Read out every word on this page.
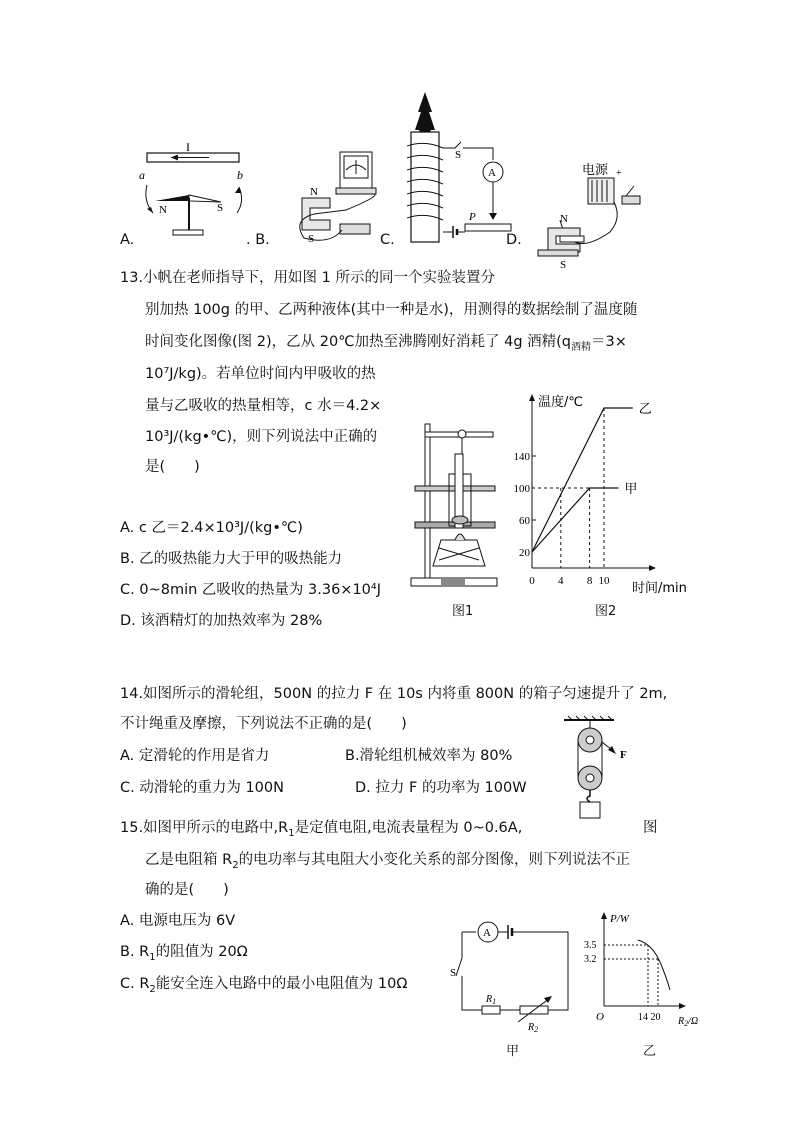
A.
I
a	b
N	S
. B.
N
S	C.
S
A
P
D.
电源 +
N
S
13.小帆在老师指导下，用如图 1 所示的同一个实验装置分
别加热 100g 的甲、乙两种液体(其中一种是水)，用测得的数据绘制了温度随
时间变化图像(图 2)，乙从 20℃加热至沸腾刚好消耗了 4g 酒精($q_{酒精}=3\times$
10⁷J/kg)。若单位时间内甲吸收的热
量与乙吸收的热量相等，c 水＝4.2×
10³J/(kg•℃)，则下列说法中正确的
是(　　)
A. c 乙＝2.4×10³J/(kg•℃)
B. 乙的吸热能力大于甲的吸热能力
C. 0~8min 乙吸收的热量为 3.36×10⁴J
D. 该酒精灯的加热效率为 28%
图1
温度/℃
时间/min
20
60
100
140
0 4 8 10
乙
甲
图2
14.如图所示的滑轮组，500N 的拉力 F 在 10s 内将重 800N 的箱子匀速提升了 2m,
不计绳重及摩擦，下列说法不正确的是(　　)
A. 定滑轮的作用是省力	B.滑轮组机械效率为 80%
C. 动滑轮的重力为 100N	D. 拉力 F 的功率为 100W
F
15.如图甲所示的电路中$,R_1$是定值电阻,电流表量程为 0~0.6A,	图
乙是电阻箱 $R_2$的电功率与其电阻大小变化关系的部分图像，则下列说法不正
确的是(　　)
A. 电源电压为 6V
B. $R_1$的阻值为 20Ω
C. $R_2$能安全连入电路中的最小电阻值为 10Ω
A
S
$R_1$
$R_2$
甲
P/W
3.5
3.2
O	14 20 $R_2/\Omega$
乙
